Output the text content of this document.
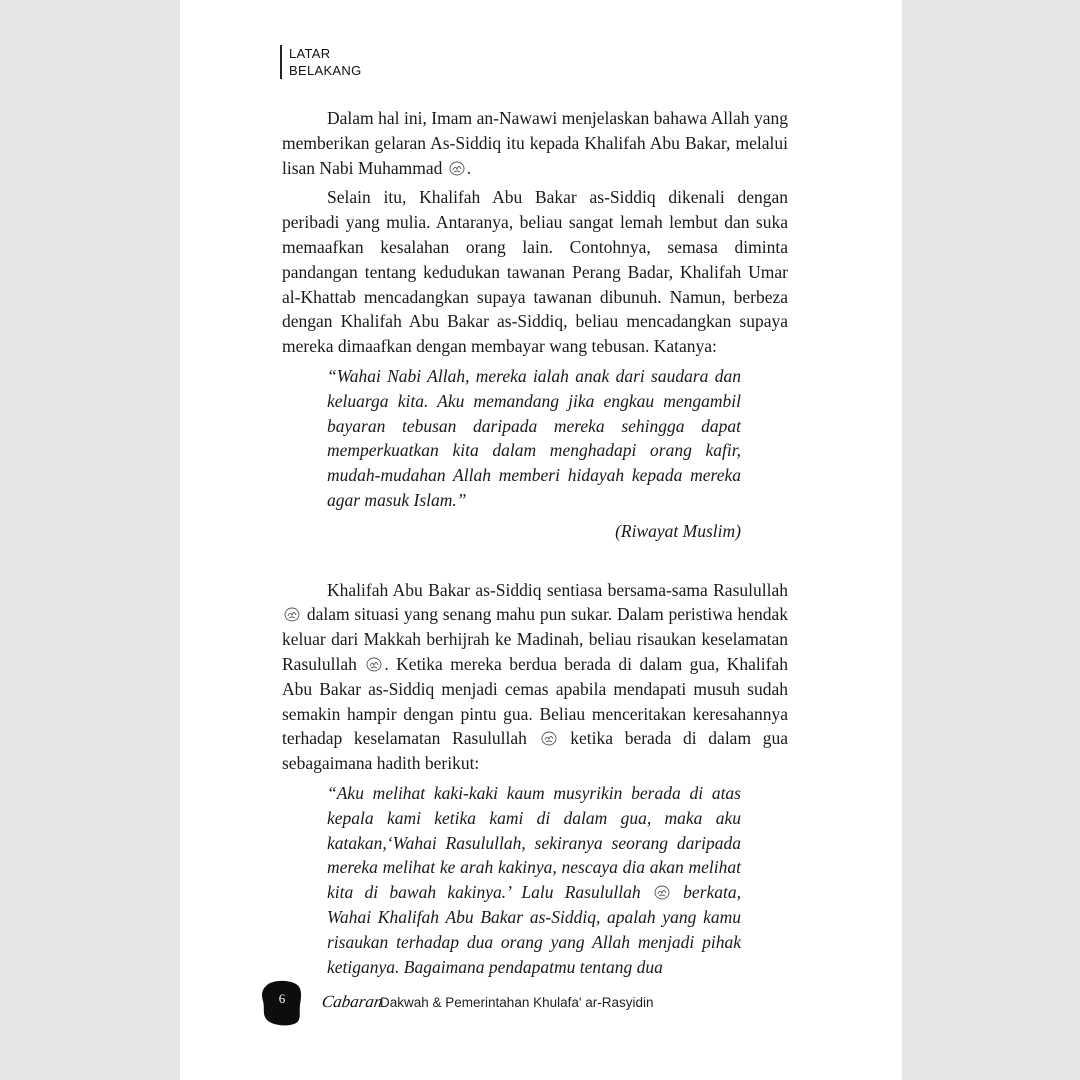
LATAR
BELAKANG

Dalam hal ini, Imam an-Nawawi menjelaskan bahawa Allah yang memberikan gelaran As-Siddiq itu kepada Khalifah Abu Bakar, melalui lisan Nabi Muhammad .

Selain itu, Khalifah Abu Bakar as-Siddiq dikenali dengan peribadi yang mulia. Antaranya, beliau sangat lemah lembut dan suka memaafkan kesalahan orang lain. Contohnya, semasa diminta pandangan tentang kedudukan tawanan Perang Badar, Khalifah Umar al-Khattab mencadangkan supaya tawanan dibunuh. Namun, berbeza dengan Khalifah Abu Bakar as-Siddiq, beliau mencadangkan supaya mereka dimaafkan dengan membayar wang tebusan. Katanya:

“Wahai Nabi Allah, mereka ialah anak dari saudara dan keluarga kita. Aku memandang jika engkau mengambil bayaran tebusan daripada mereka sehingga dapat memperkuatkan kita dalam menghadapi orang kafir, mudah-mudahan Allah memberi hidayah kepada mereka agar masuk Islam.”
(Riwayat Muslim)

Khalifah Abu Bakar as-Siddiq sentiasa bersama-sama Rasulullah  dalam situasi yang senang mahu pun sukar. Dalam peristiwa hendak keluar dari Makkah berhijrah ke Madinah, beliau risaukan keselamatan Rasulullah . Ketika mereka berdua berada di dalam gua, Khalifah Abu Bakar as-Siddiq menjadi cemas apabila mendapati musuh sudah semakin hampir dengan pintu gua. Beliau menceritakan keresahannya terhadap keselamatan Rasulullah ketika berada di dalam gua sebagaimana hadith berikut:

“Aku melihat kaki-kaki kaum musyrikin berada di atas kepala kami ketika kami di dalam gua, maka aku katakan,‘Wahai Rasulullah, sekiranya seorang daripada mereka melihat ke arah kakinya, nescaya dia akan melihat kita di bawah kakinya.’ Lalu Rasulullah berkata, Wahai Khalifah Abu Bakar as-Siddiq, apalah yang kamu risaukan terhadap dua orang yang Allah menjadi pihak ketiganya. Bagaimana pendapatmu tentang dua
6	Cabaran
Dakwah & Pemerintahan Khulafa' ar-Rasyidin
